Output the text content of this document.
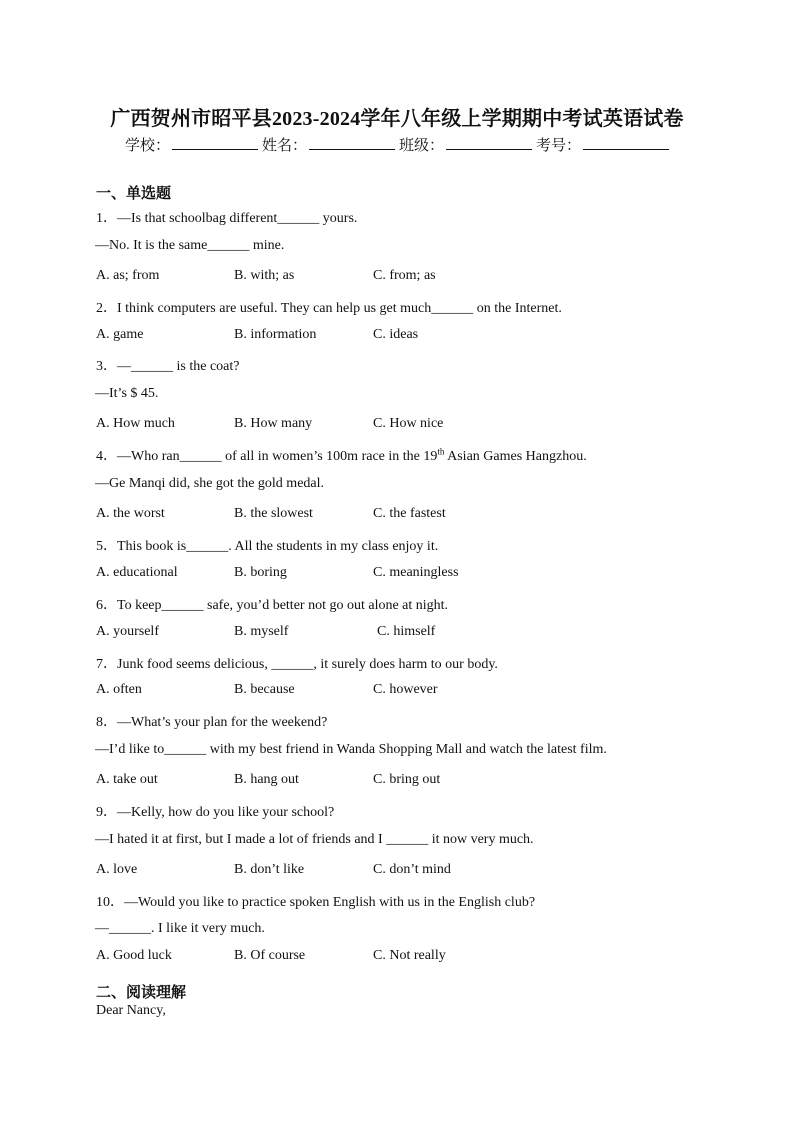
广西贺州市昭平县2023-2024学年八年级上学期期中考试英语试卷
学校：	姓名：	班级：	考号：
一、单选题
1．—Is that schoolbag different______ yours.
—No. It is the same______ mine.
A. as; from	B. with; as	C. from; as
2．I think computers are useful. They can help us get much______ on the Internet.
A. game	B. information	C. ideas
3．—______ is the coat?
—It’s $ 45.
A. How much	B. How many	C. How nice
4．—Who ran______ of all in women’s 100m race in the 19th Asian Games Hangzhou.
—Ge Manqi did, she got the gold medal.
A. the worst	B. the slowest	C. the fastest
5．This book is______. All the students in my class enjoy it.
A. educational	B. boring	C. meaningless
6．To keep______ safe, you’d better not go out alone at night.
A. yourself	B. myself	C. himself
7．Junk food seems delicious, ______, it surely does harm to our body.
A. often	B. because	C. however
8．—What’s your plan for the weekend?
—I’d like to______ with my best friend in Wanda Shopping Mall and watch the latest film.
A. take out	B. hang out	C. bring out
9．—Kelly, how do you like your school?
—I hated it at first, but I made a lot of friends and I ______ it now very much.
A. love	B. don’t like	C. don’t mind
10．—Would you like to practice spoken English with us in the English club?
—______. I like it very much.
A. Good luck	B. Of course	C. Not really
二、阅读理解
Dear Nancy,
